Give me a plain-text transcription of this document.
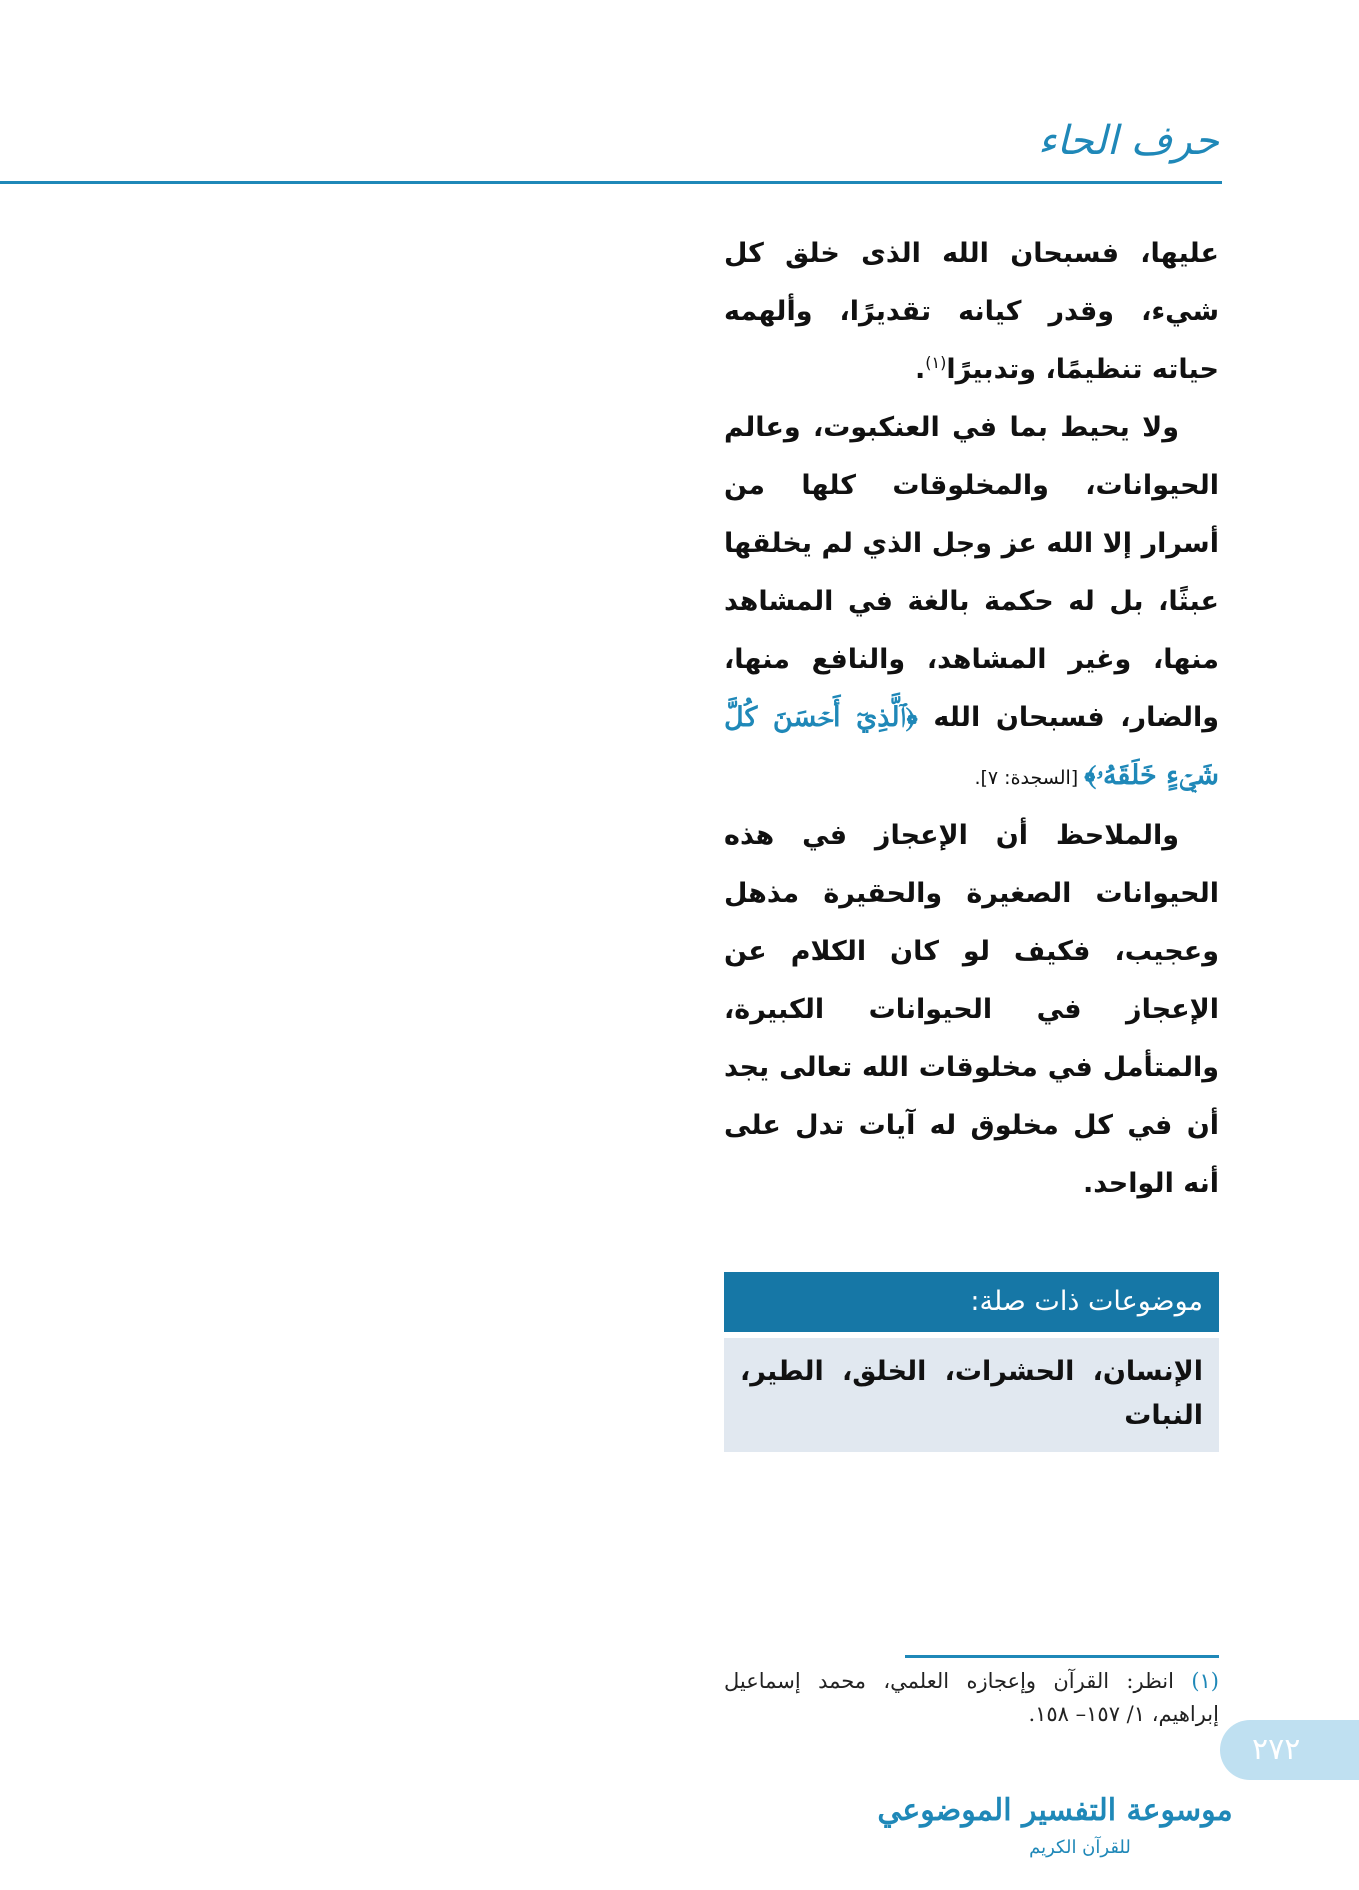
حرف الحاء

عليها، فسبحان الله الذى خلق كل شيء، وقدر كيانه تقديرًا، وألهمه حياته تنظيمًا، وتدبيرًا$^{(١)}$.

ولا يحيط بما في العنكبوت، وعالم الحيوانات، والمخلوقات كلها من أسرار إلا الله عز وجل الذي لم يخلقها عبثًا، بل له حكمة بالغة في المشاهد منها، وغير المشاهد، والنافع منها، والضار، فسبحان الله ﴿ٱلَّذِيٓ أَحۡسَنَ كُلَّ شَيۡءٍ خَلَقَهُۥ﴾ [السجدة: ٧].

والملاحظ أن الإعجاز في هذه الحيوانات الصغيرة والحقيرة مذهل وعجيب، فكيف لو كان الكلام عن الإعجاز في الحيوانات الكبيرة، والمتأمل في مخلوقات الله تعالى يجد أن في كل مخلوق له آيات تدل على أنه الواحد.

موضوعات ذات صلة:
الإنسان، الحشرات، الخلق، الطير، النبات
(١) انظر: القرآن وإعجازه العلمي، محمد إسماعيل إبراهيم، ١/ ١٥٧– ١٥٨.
٢٧٢
موسوعة التفسير الموضوعي
للقرآن الكريم
